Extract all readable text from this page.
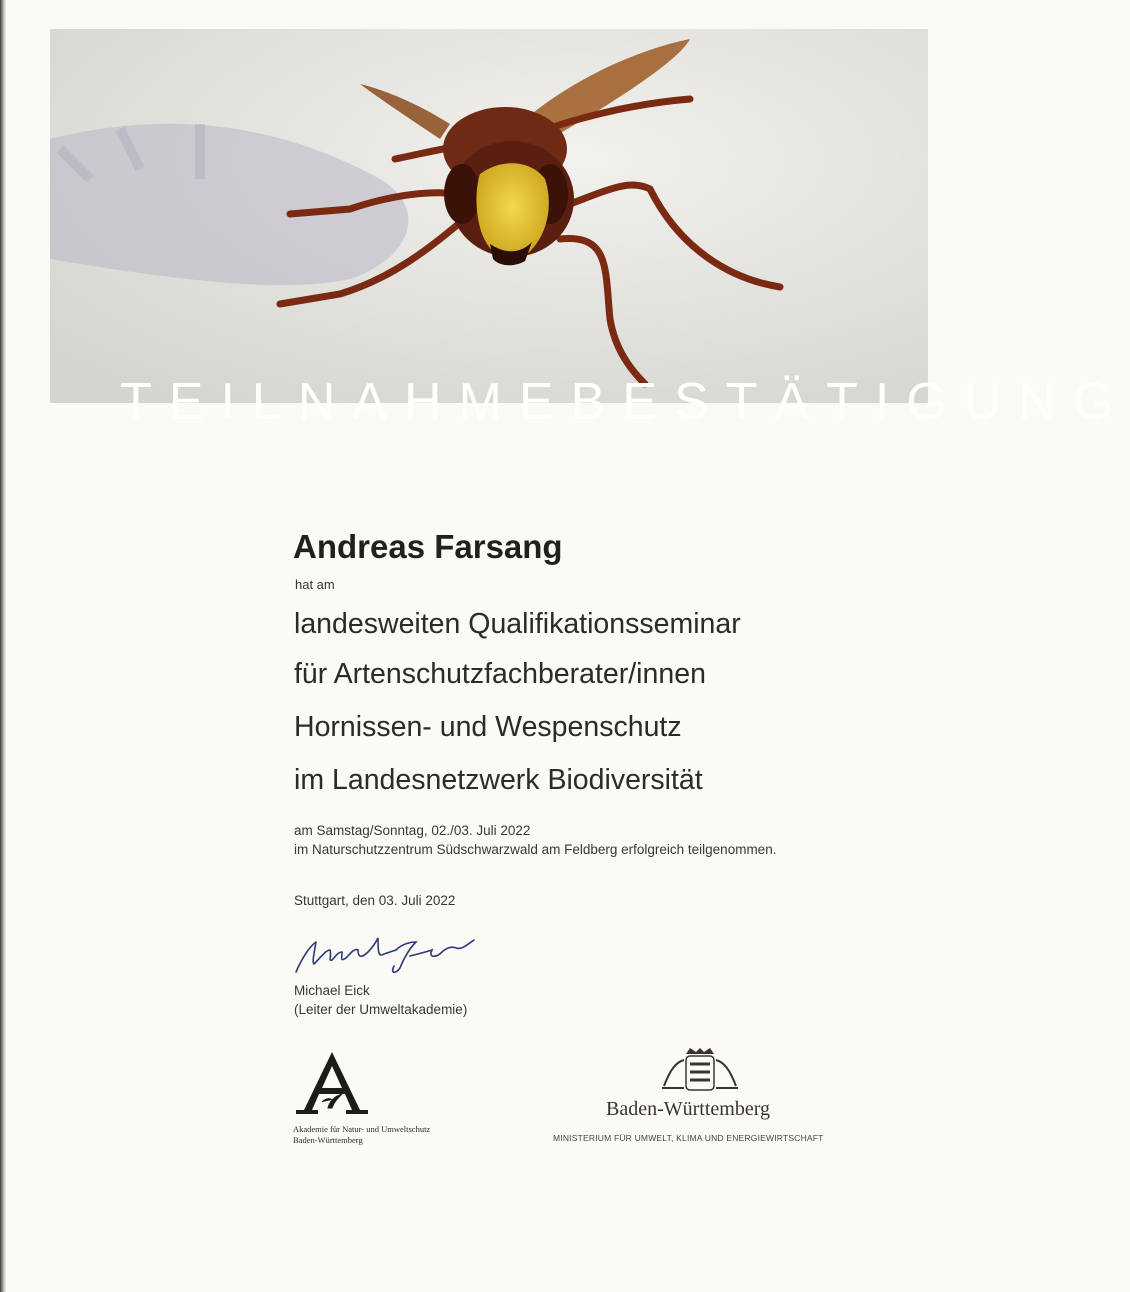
TEILNAHMEBESTÄTIGUNG
Andreas Farsang
hat am
landesweiten Qualifikationsseminar
für Artenschutzfachberater/innen
Hornissen- und Wespenschutz
im Landesnetzwerk Biodiversität
am Samstag/Sonntag, 02./03. Juli 2022
im Naturschutzzentrum Südschwarzwald am Feldberg erfolgreich teilgenommen.
Stuttgart, den 03. Juli 2022
Michael Eick
(Leiter der Umweltakademie)
Akademie für Natur- und Umweltschutz
Baden-Württemberg
Baden-Württemberg
MINISTERIUM FÜR UMWELT, KLIMA UND ENERGIEWIRTSCHAFT
